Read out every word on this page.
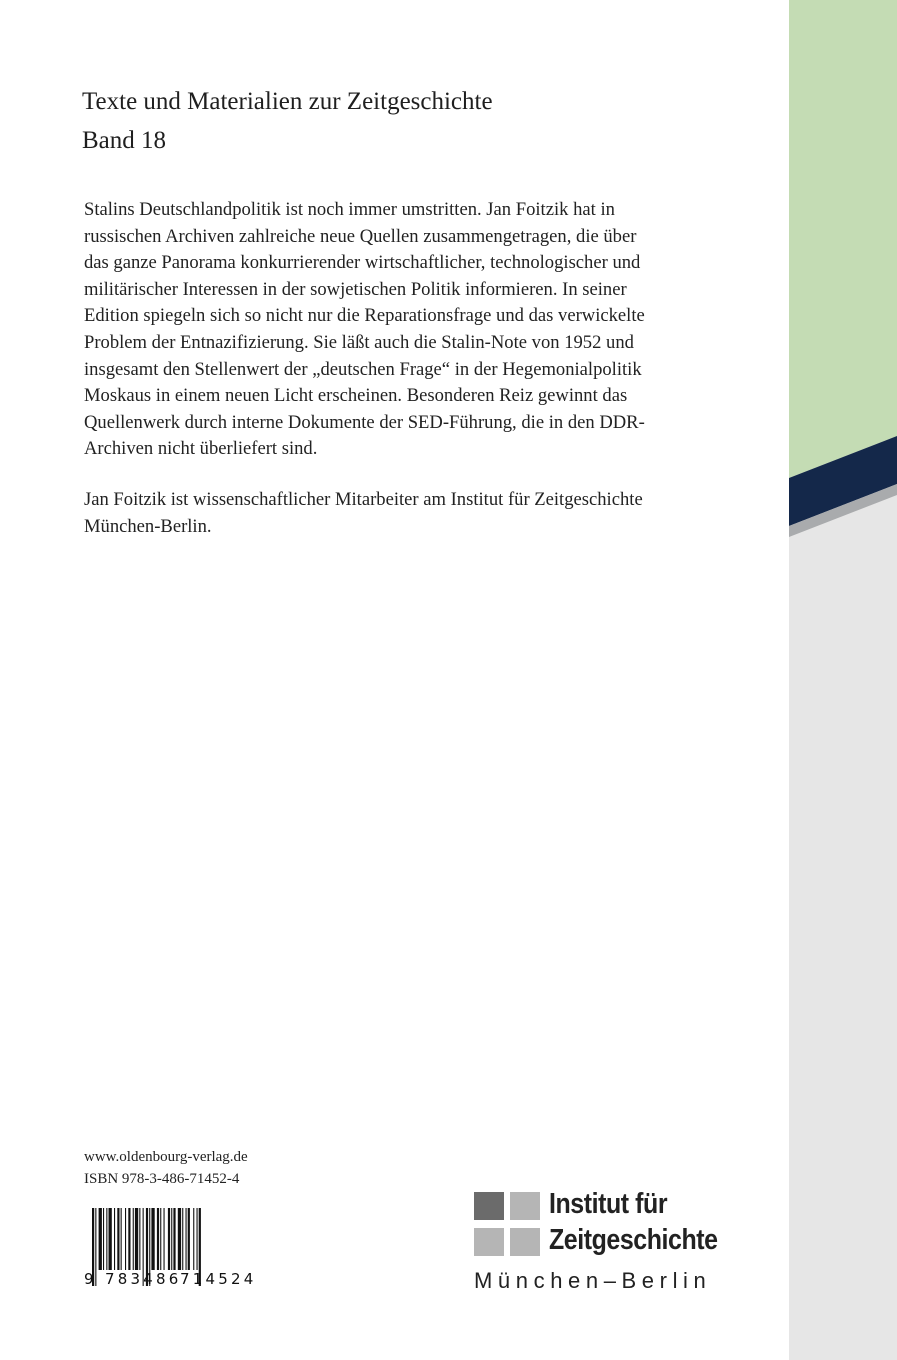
Texte und Materialien zur Zeitgeschichte
Band 18

Stalins Deutschlandpolitik ist noch immer umstritten. Jan Foitzik hat in
russischen Archiven zahlreiche neue Quellen zusammengetragen, die über
das ganze Panorama konkurrierender wirtschaftlicher, technologischer und
militärischer Interessen in der sowjetischen Politik informieren. In seiner
Edition spiegeln sich so nicht nur die Reparationsfrage und das verwickelte
Problem der Entnazifizierung. Sie läßt auch die Stalin-Note von 1952 und
insgesamt den Stellenwert der „deutschen Frage“ in der Hegemonialpolitik
Moskaus in einem neuen Licht erscheinen. Besonderen Reiz gewinnt das
Quellenwerk durch interne Dokumente der SED-Führung, die in den DDR-
Archiven nicht überliefert sind.

Jan Foitzik ist wissenschaftlicher Mitarbeiter am Institut für Zeitgeschichte
München-Berlin.

www.oldenbourg-verlag.de
ISBN 978-3-486-71452-4
9 783486
714524
Institut für
Zeitgeschichte
München–Berlin
